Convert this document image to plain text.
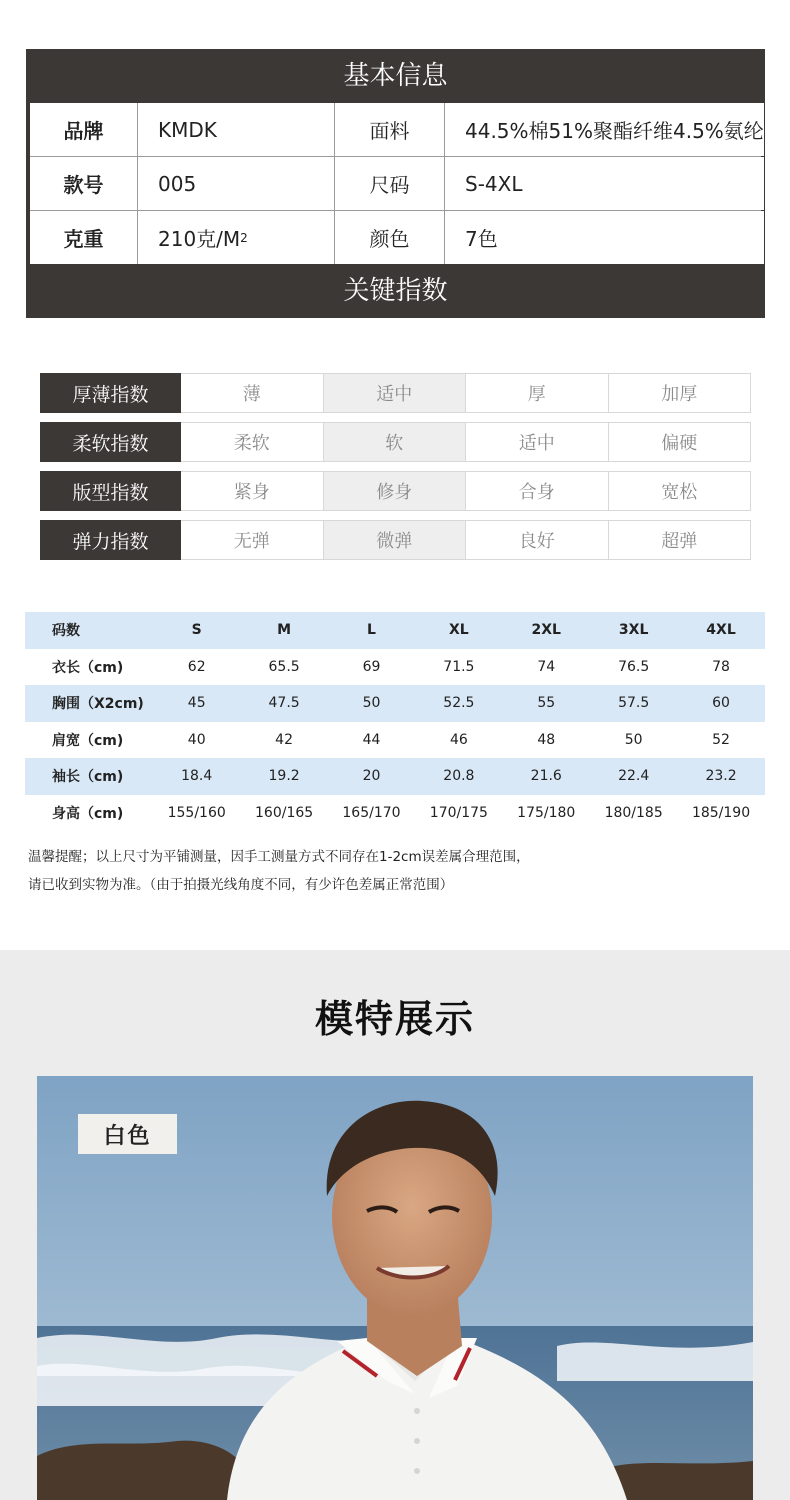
基本信息
品牌	KMDK	面料	44.5%棉51%聚酯纤维4.5%氨纶
款号	005	尺码	S-4XL
克重	210克/M 2	颜色	7色
关键指数
厚薄指数	薄	适中	厚	加厚
柔软指数	柔软	软	适中	偏硬
版型指数	紧身	修身	合身	宽松
弹力指数	无弹	微弹	良好	超弹
码数	S	M	L	XL	2XL	3XL	4XL
衣长（cm)	62	65.5	69	71.5	74	76.5	78
胸围（X2cm)	45	47.5	50	52.5	55	57.5	60
肩宽（cm)	40	42	44	46	48	50	52
袖长（cm)	18.4	19.2	20	20.8	21.6	22.4	23.2
身高（cm)	155/160	160/165	165/170	170/175	175/180	180/185	185/190
温馨提醒；以上尺寸为平铺测量，因手工测量方式不同存在1-2cm误差属合理范围，
请已收到实物为准。（由于拍摄光线角度不同，有少许色差属正常范围）
模特展示
白色
